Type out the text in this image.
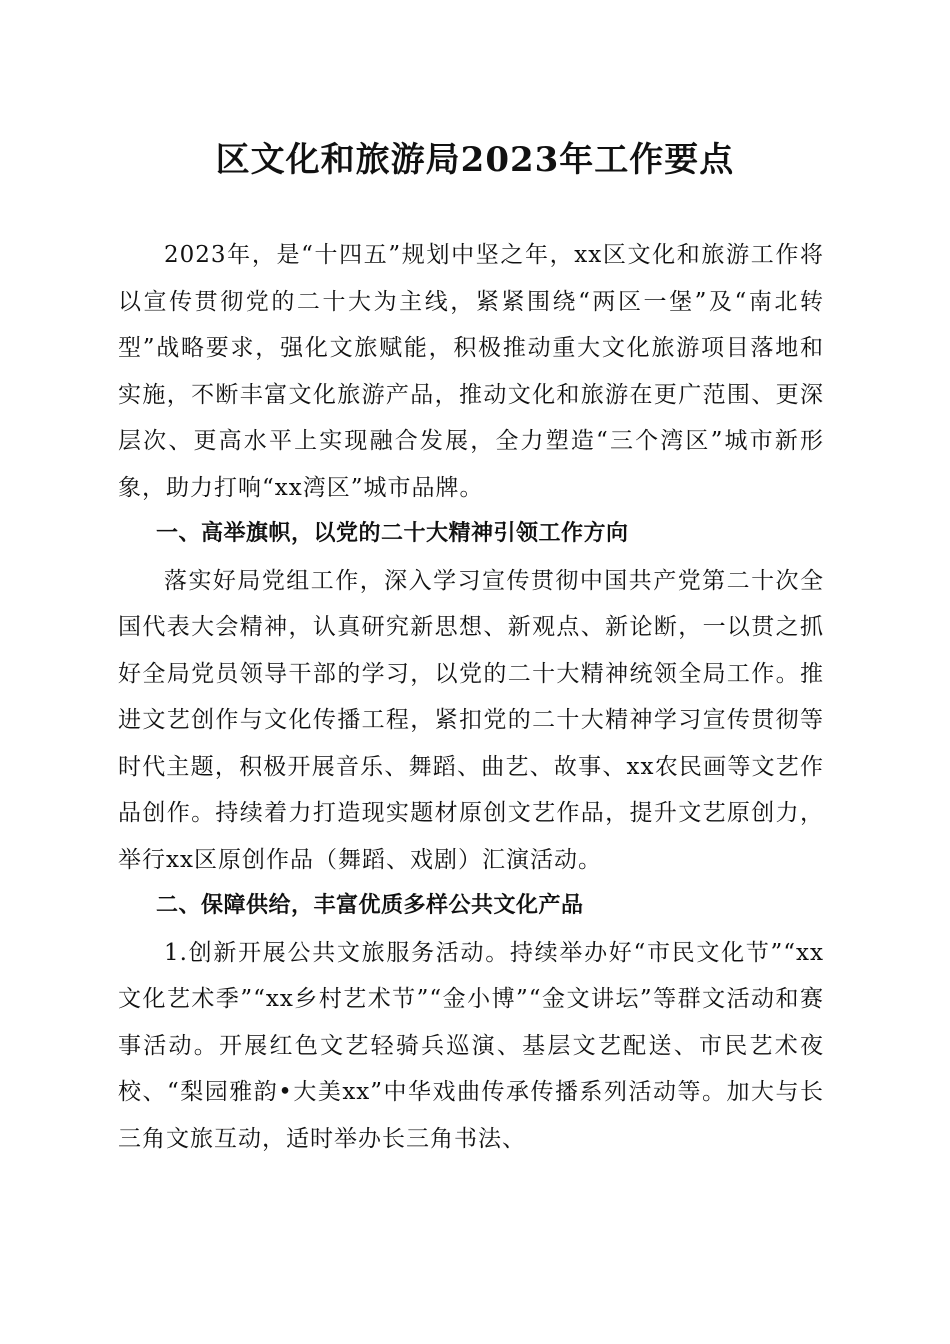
区文化和旅游局2023年工作要点

2023年，是“十四五”规划中坚之年，xx区文化和旅游工作将以宣传贯彻党的二十大为主线，紧紧围绕“两区一堡”及“南北转型”战略要求，强化文旅赋能，积极推动重大文化旅游项目落地和实施，不断丰富文化旅游产品，推动文化和旅游在更广范围、更深层次、更高水平上实现融合发展，全力塑造“三个湾区”城市新形象，助力打响“xx湾区”城市品牌。

一、高举旗帜，以党的二十大精神引领工作方向

落实好局党组工作，深入学习宣传贯彻中国共产党第二十次全国代表大会精神，认真研究新思想、新观点、新论断，一以贯之抓好全局党员领导干部的学习，以党的二十大精神统领全局工作。推进文艺创作与文化传播工程，紧扣党的二十大精神学习宣传贯彻等时代主题，积极开展音乐、舞蹈、曲艺、故事、xx农民画等文艺作品创作。持续着力打造现实题材原创文艺作品，提升文艺原创力，举行xx区原创作品（舞蹈、戏剧）汇演活动。

二、保障供给，丰富优质多样公共文化产品

1.创新开展公共文旅服务活动。持续举办好“市民文化节”“xx文化艺术季”“xx乡村艺术节”“金小博”“金文讲坛”等群文活动和赛事活动。开展红色文艺轻骑兵巡演、基层文艺配送、市民艺术夜校、“梨园雅韵•大美xx”中华戏曲传承传播系列活动等。加大与长三角文旅互动，适时举办长三角书法、
